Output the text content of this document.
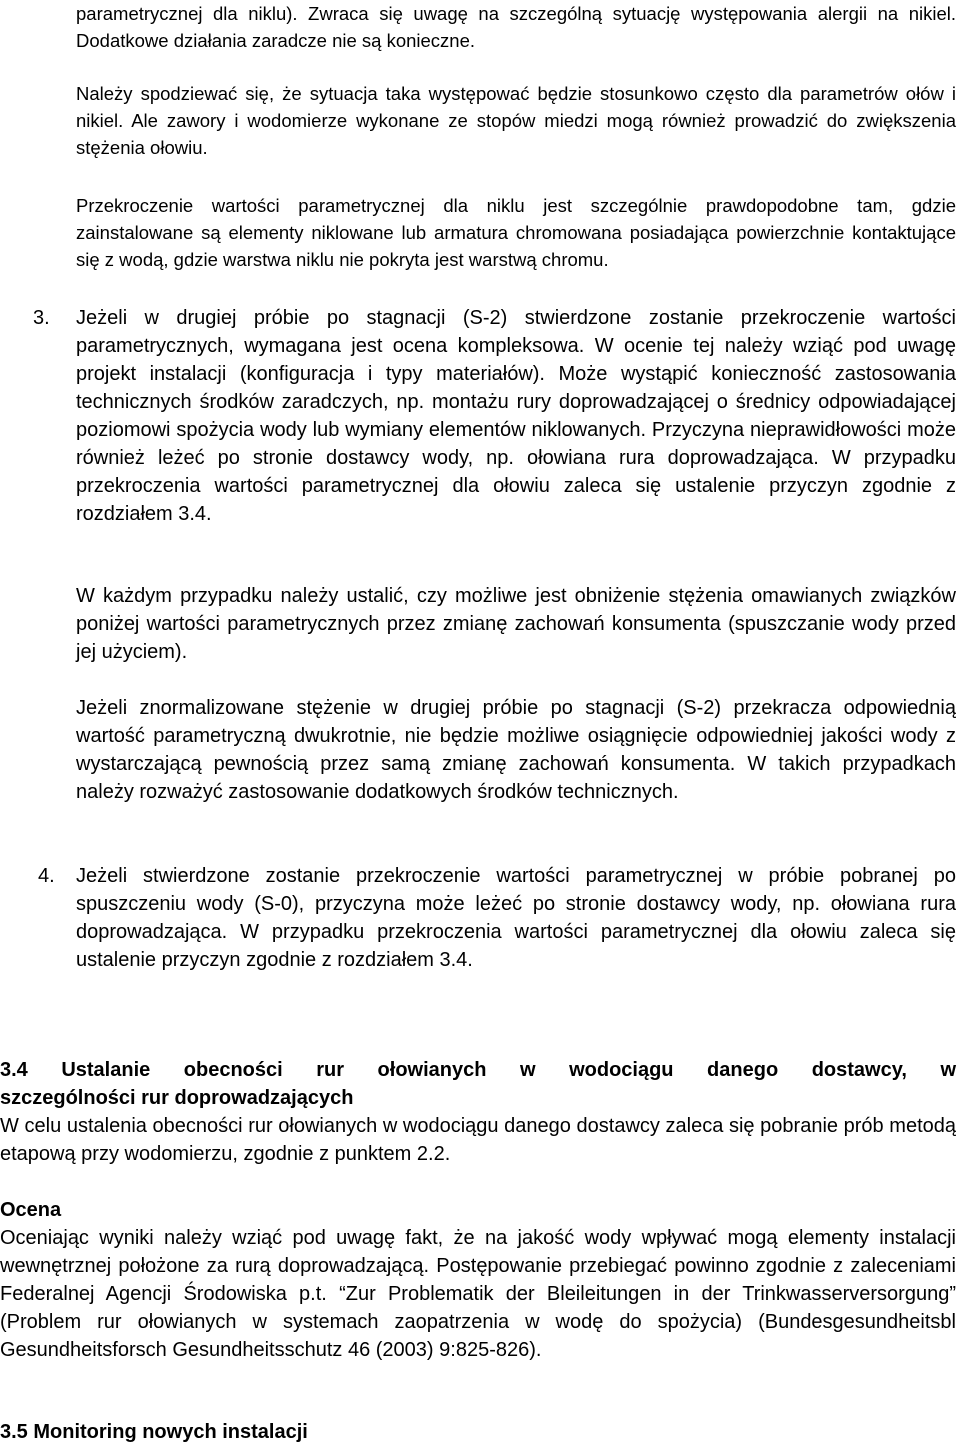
parametrycznej dla niklu). Zwraca się uwagę na szczególną sytuację występowania alergii na nikiel. Dodatkowe działania zaradcze nie są konieczne.

Należy spodziewać się, że sytuacja taka występować będzie stosunkowo często dla parametrów ołów i nikiel. Ale zawory i wodomierze wykonane ze stopów miedzi mogą również prowadzić do zwiększenia stężenia ołowiu.

Przekroczenie wartości parametrycznej dla niklu jest szczególnie prawdopodobne tam, gdzie zainstalowane są elementy niklowane lub armatura chromowana posiadająca powierzchnie kontaktujące się z wodą, gdzie warstwa niklu nie pokryta jest warstwą chromu.

3. Jeżeli w drugiej próbie po stagnacji (S-2) stwierdzone zostanie przekroczenie wartości parametrycznych, wymagana jest ocena kompleksowa. W ocenie tej należy wziąć pod uwagę projekt instalacji (konfiguracja i typy materiałów). Może wystąpić konieczność zastosowania technicznych środków zaradczych, np. montażu rury doprowadzającej o średnicy odpowiadającej poziomowi spożycia wody lub wymiany elementów niklowanych. Przyczyna nieprawidłowości może również leżeć po stronie dostawcy wody, np. ołowiana rura doprowadzająca. W przypadku przekroczenia wartości parametrycznej dla ołowiu zaleca się ustalenie przyczyn zgodnie z rozdziałem 3.4.

W każdym przypadku należy ustalić, czy możliwe jest obniżenie stężenia omawianych związków poniżej wartości parametrycznych przez zmianę zachowań konsumenta (spuszczanie wody przed jej użyciem).

Jeżeli znormalizowane stężenie w drugiej próbie po stagnacji (S-2) przekracza odpowiednią wartość parametryczną dwukrotnie, nie będzie możliwe osiągnięcie odpowiedniej jakości wody z wystarczającą pewnością przez samą zmianę zachowań konsumenta. W takich przypadkach należy rozważyć zastosowanie dodatkowych środków technicznych.

4. Jeżeli stwierdzone zostanie przekroczenie wartości parametrycznej w próbie pobranej po spuszczeniu wody (S-0), przyczyna może leżeć po stronie dostawcy wody, np. ołowiana rura doprowadzająca. W przypadku przekroczenia wartości parametrycznej dla ołowiu zaleca się ustalenie przyczyn zgodnie z rozdziałem 3.4.

3.4 Ustalanie obecności rur ołowianych w wodociągu danego dostawcy, w
szczególności rur doprowadzających

W celu ustalenia obecności rur ołowianych w wodociągu danego dostawcy zaleca się pobranie prób metodą etapową przy wodomierzu, zgodnie z punktem 2.2.

Ocena

Oceniając wyniki należy wziąć pod uwagę fakt, że na jakość wody wpływać mogą elementy instalacji wewnętrznej położone za rurą doprowadzającą. Postępowanie przebiegać powinno zgodnie z zaleceniami Federalnej Agencji Środowiska p.t. “Zur Problematik der Bleileitungen in der Trinkwasserversorgung” (Problem rur ołowianych w systemach zaopatrzenia w wodę do spożycia) (Bundesgesundheitsbl Gesundheitsforsch Gesundheitsschutz 46 (2003) 9:825-826).

3.5 Monitoring nowych instalacji
